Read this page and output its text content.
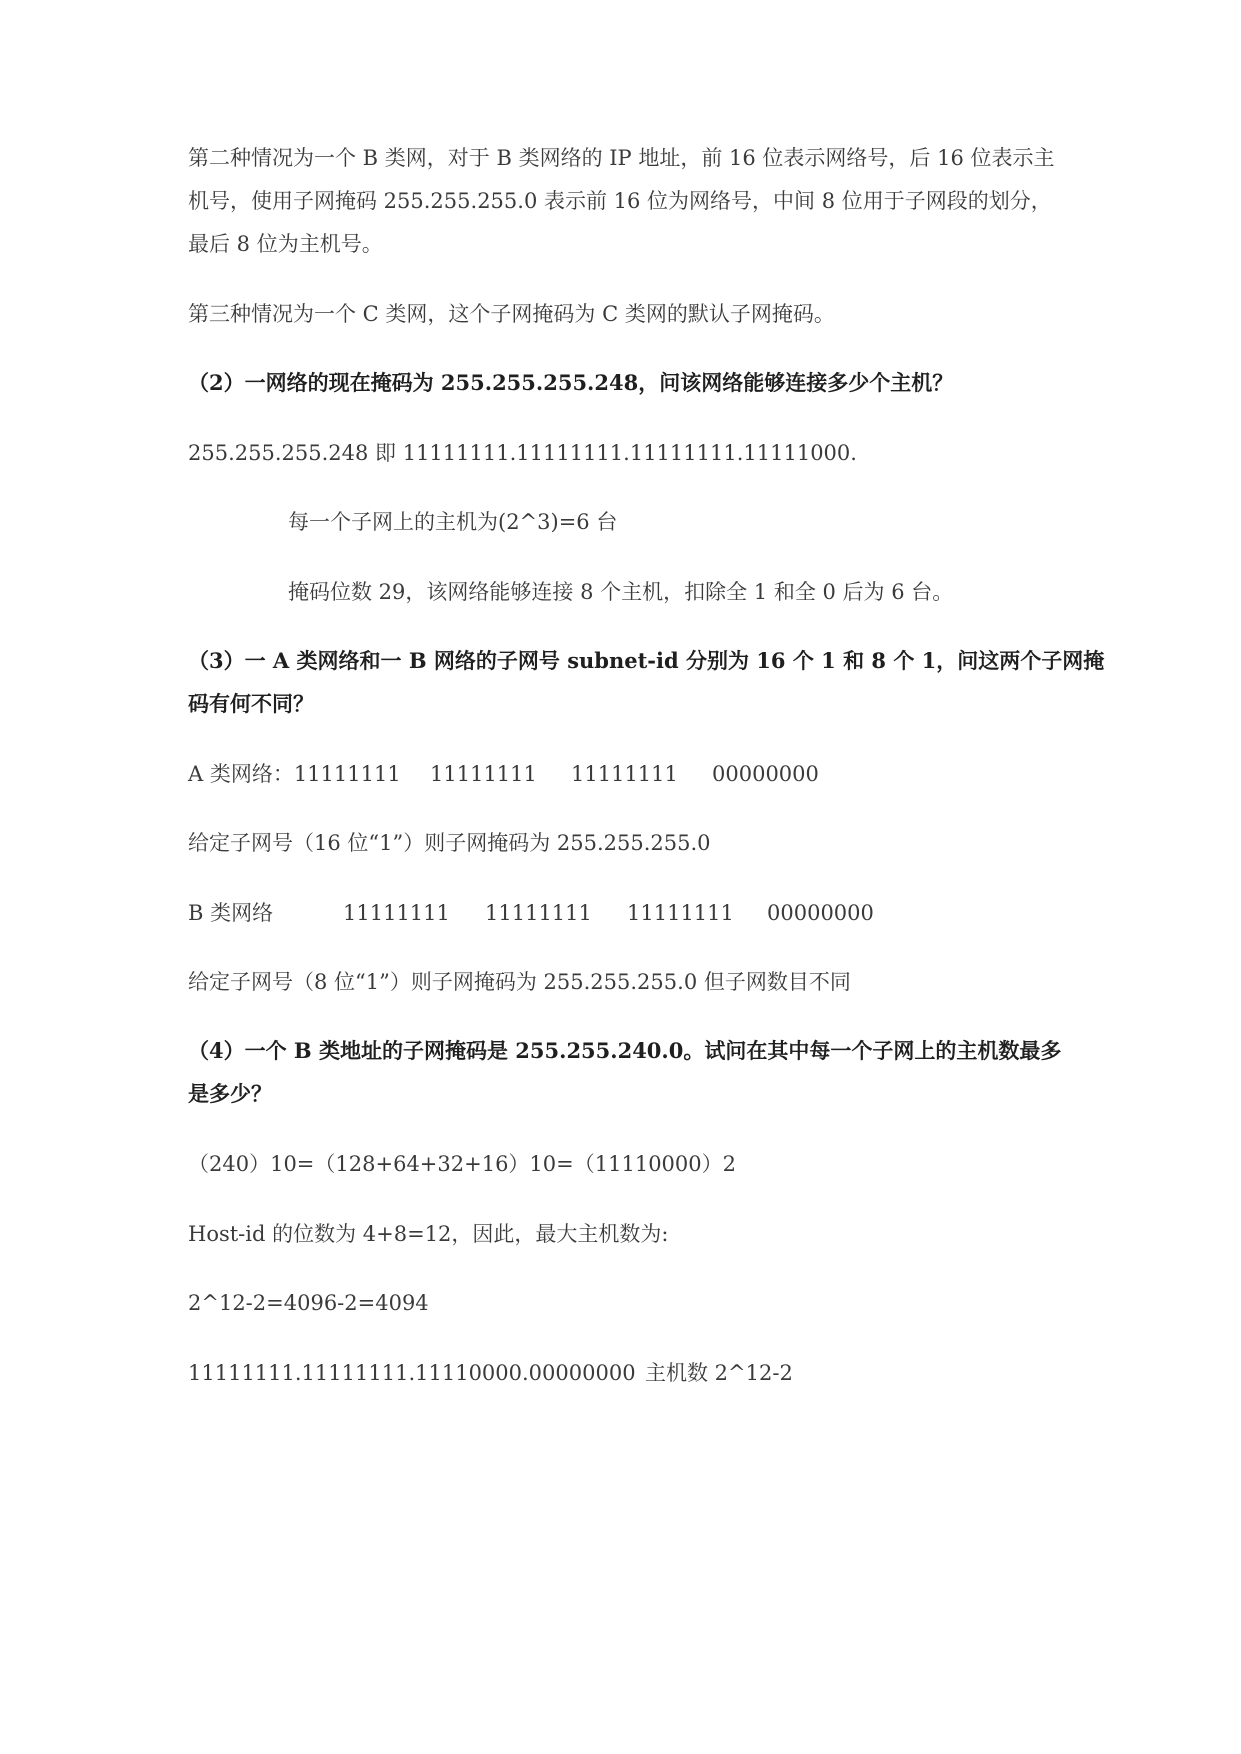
第二种情况为一个 B 类网，对于 B 类网络的 IP 地址，前 16 位表示网络号，后 16 位表示主
机号，使用子网掩码 255.255.255.0 表示前 16 位为网络号，中间 8 位用于子网段的划分，
最后 8 位为主机号。
第三种情况为一个 C 类网，这个子网掩码为 C 类网的默认子网掩码。
（2）一网络的现在掩码为 255.255.255.248，问该网络能够连接多少个主机？
255.255.255.248 即 11111111.11111111.11111111.11111000.
每一个子网上的主机为(2^3)=6 台
掩码位数 29，该网络能够连接 8 个主机，扣除全 1 和全 0 后为 6 台。
（3）一 A 类网络和一 B 网络的子网号 subnet-id 分别为 16 个 1 和 8 个 1，问这两个子网掩
码有何不同？
A 类网络：11111111 11111111 11111111 00000000
给定子网号（16 位“1”）则子网掩码为 255.255.255.0
B 类网络	11111111 11111111 11111111 00000000
给定子网号（8 位“1”）则子网掩码为 255.255.255.0 但子网数目不同
（4）一个 B 类地址的子网掩码是 255.255.240.0。试问在其中每一个子网上的主机数最多
是多少？
（240）10=（128+64+32+16）10=（11110000）2
Host-id 的位数为 4+8=12，因此，最大主机数为:
2^12-2=4096-2=4094
11111111.11111111.11110000.00000000 主机数 2^12-2
